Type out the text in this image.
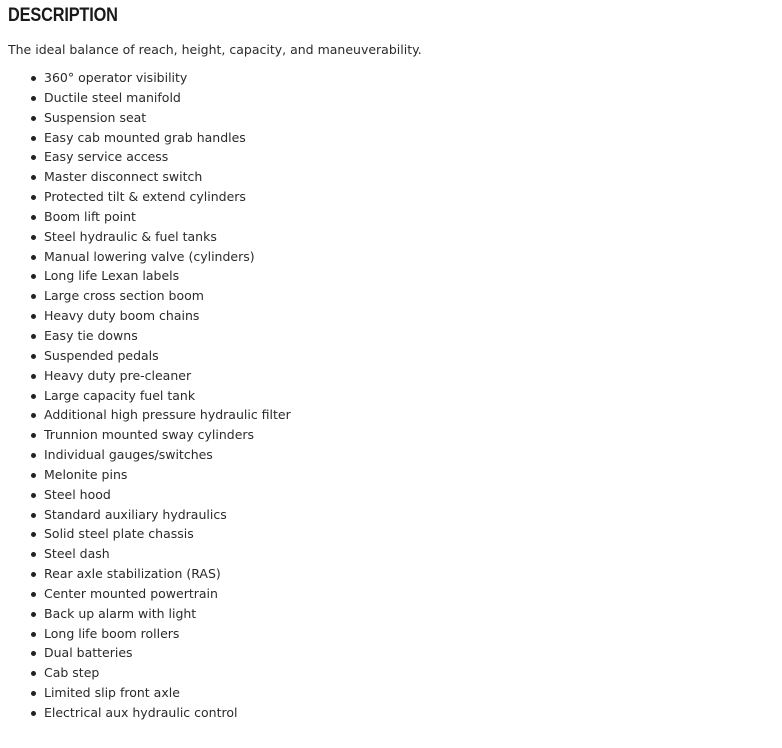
DESCRIPTION

The ideal balance of reach, height, capacity, and maneuverability.

360° operator visibility
Ductile steel manifold
Suspension seat
Easy cab mounted grab handles
Easy service access
Master disconnect switch
Protected tilt & extend cylinders
Boom lift point
Steel hydraulic & fuel tanks
Manual lowering valve (cylinders)
Long life Lexan labels
Large cross section boom
Heavy duty boom chains
Easy tie downs
Suspended pedals
Heavy duty pre-cleaner
Large capacity fuel tank
Additional high pressure hydraulic filter
Trunnion mounted sway cylinders
Individual gauges/switches
Melonite pins
Steel hood
Standard auxiliary hydraulics
Solid steel plate chassis
Steel dash
Rear axle stabilization (RAS)
Center mounted powertrain
Back up alarm with light
Long life boom rollers
Dual batteries
Cab step
Limited slip front axle
Electrical aux hydraulic control
